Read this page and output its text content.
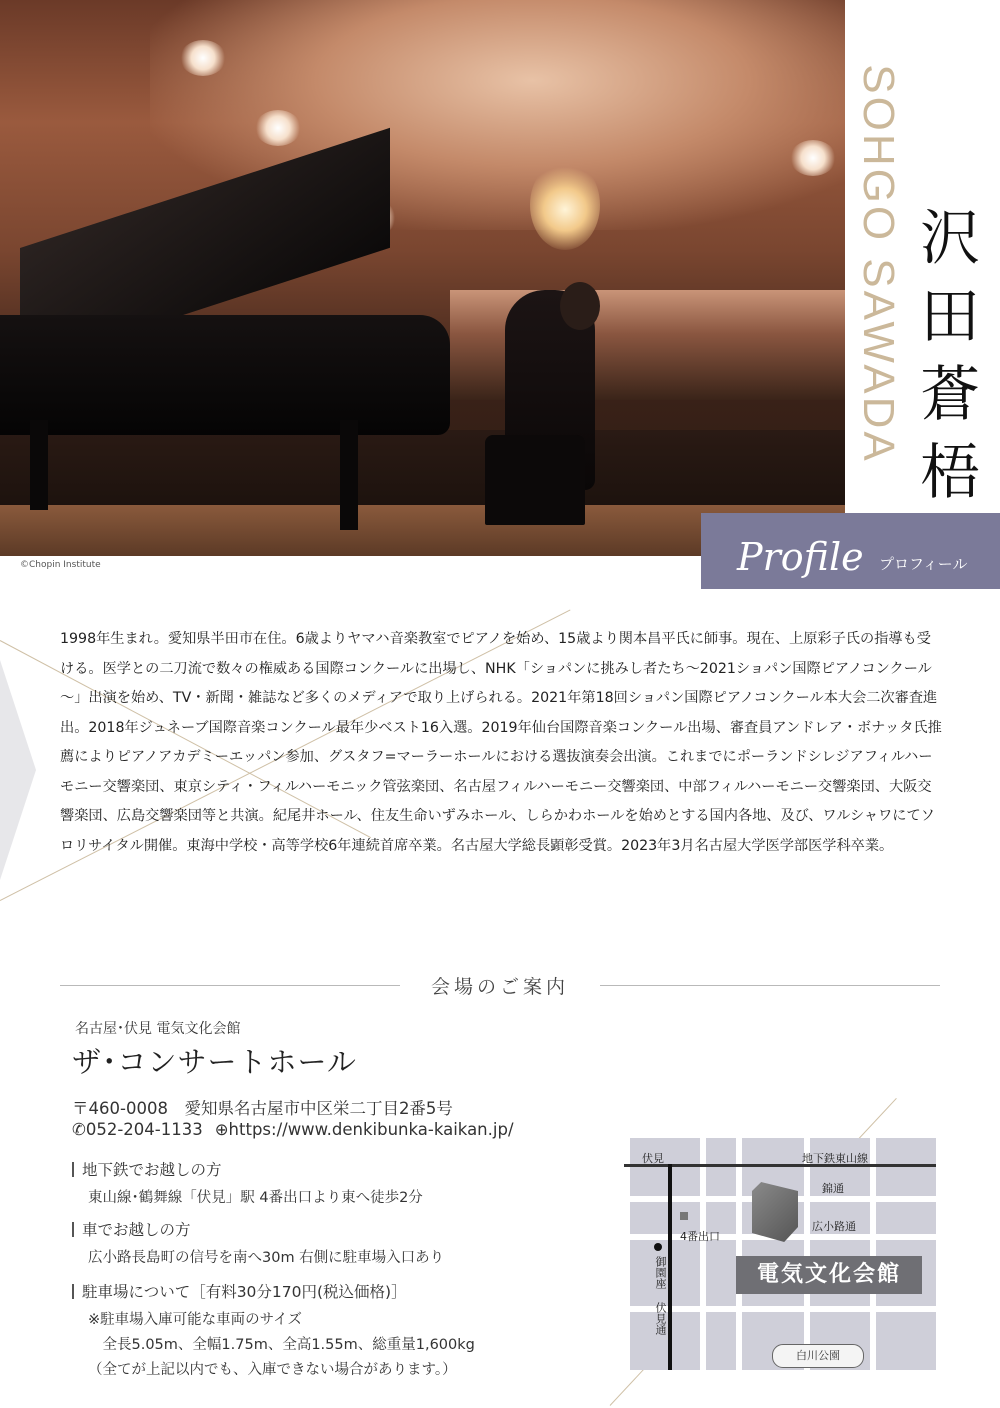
©Chopin Institute
SOHGO SAWADA 沢
田
蒼
梧
Profile プロフィール
1998年生まれ。愛知県半田市在住。6歳よりヤマハ音楽教室でピアノを始め、15歳より関本昌平氏に師事。現在、上原彩子氏の指導も受ける。医学との二刀流で数々の権威ある国際コンクールに出場し、NHK「ショパンに挑みし者たち～2021ショパン国際ピアノコンクール～」出演を始め、TV・新聞・雑誌など多くのメディアで取り上げられる。2021年第18回ショパン国際ピアノコンクール本大会二次審査進出。2018年ジュネーブ国際音楽コンクール最年少ベスト16入選。2019年仙台国際音楽コンクール出場、審査員アンドレア・ボナッタ氏推薦によりピアノアカデミーエッパン参加、グスタフ=マーラーホールにおける選抜演奏会出演。これまでにポーランドシレジアフィルハーモニー交響楽団、東京シティ・フィルハーモニック管弦楽団、名古屋フィルハーモニー交響楽団、中部フィルハーモニー交響楽団、大阪交響楽団、広島交響楽団等と共演。紀尾井ホール、住友生命いずみホール、しらかわホールを始めとする国内各地、及び、ワルシャワにてソロリサイタル開催。東海中学校・高等学校6年連続首席卒業。名古屋大学総長顕彰受賞。2023年3月名古屋大学医学部医学科卒業。
会場のご案内
名古屋･伏見 電気文化会館
ザ･コンサートホール
〒460-0008　愛知県名古屋市中区栄二丁目2番5号
✆052-204-1133 ⊕https://www.denkibunka-kaikan.jp/
地下鉄でお越しの方
東山線･鶴舞線「伏見」駅 4番出口より東へ徒歩2分
車でお越しの方
広小路長島町の信号を南へ30m 右側に駐車場入口あり
駐車場について［有料30分170円(税込価格)］
※駐車場入庫可能な車両のサイズ
　全長5.05m、全幅1.75m、全高1.55m、総重量1,600kg
（全てが上記以内でも、入庫できない場合があります。）
伏見	地下鉄東山線
錦通
広小路通
4番出口
御園座
伏見通
電気文化会館
白川公園
